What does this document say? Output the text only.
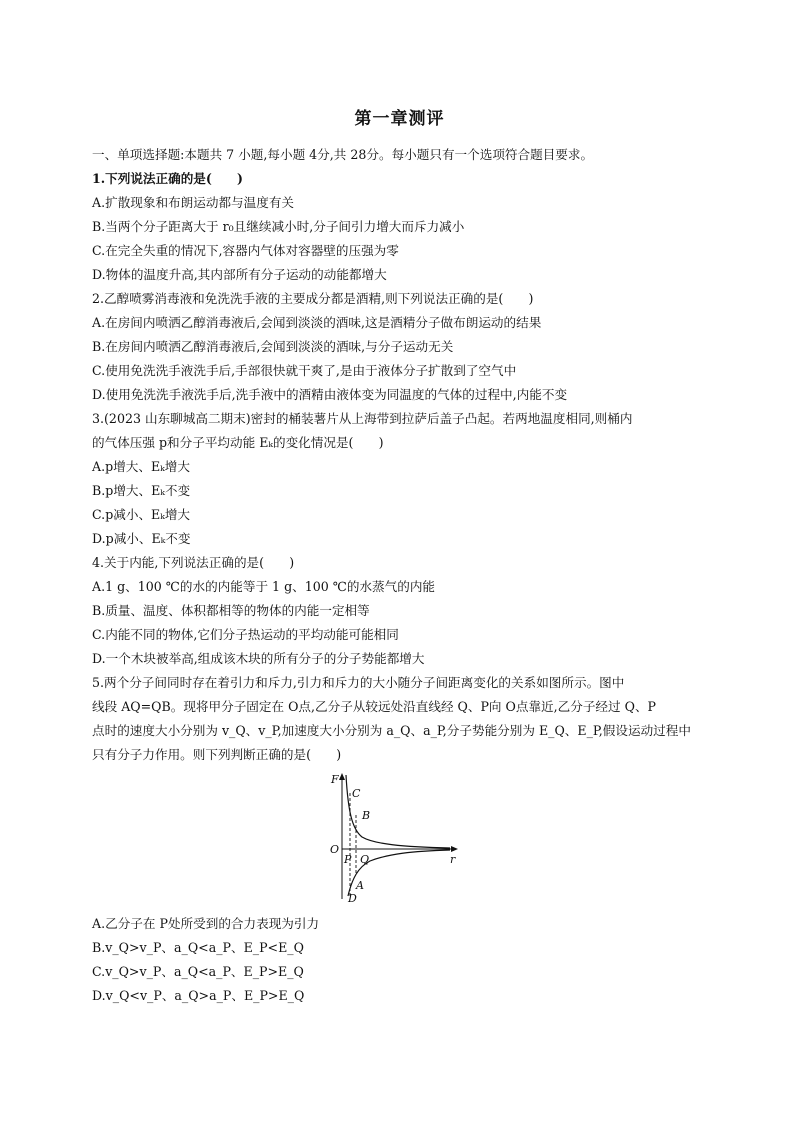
第一章测评
一、单项选择题:本题共 7 小题,每小题 4分,共 28分。每小题只有一个选项符合题目要求。
1.下列说法正确的是(　　)
A.扩散现象和布朗运动都与温度有关
B.当两个分子距离大于 r₀且继续减小时,分子间引力增大而斥力减小
C.在完全失重的情况下,容器内气体对容器壁的压强为零
D.物体的温度升高,其内部所有分子运动的动能都增大
2.乙醇喷雾消毒液和免洗洗手液的主要成分都是酒精,则下列说法正确的是(　　)
A.在房间内喷洒乙醇消毒液后,会闻到淡淡的酒味,这是酒精分子做布朗运动的结果
B.在房间内喷洒乙醇消毒液后,会闻到淡淡的酒味,与分子运动无关
C.使用免洗洗手液洗手后,手部很快就干爽了,是由于液体分子扩散到了空气中
D.使用免洗洗手液洗手后,洗手液中的酒精由液体变为同温度的气体的过程中,内能不变
3.(2023 山东聊城高二期末)密封的桶装薯片从上海带到拉萨后盖子凸起。若两地温度相同,则桶内
的气体压强 p和分子平均动能 Eₖ的变化情况是(　　)
A.p增大、Eₖ增大
B.p增大、Eₖ不变
C.p减小、Eₖ增大
D.p减小、Eₖ不变
4.关于内能,下列说法正确的是(　　)
A.1 g、100 ℃的水的内能等于 1 g、100 ℃的水蒸气的内能
B.质量、温度、体积都相等的物体的内能一定相等
C.内能不同的物体,它们分子热运动的平均动能可能相同
D.一个木块被举高,组成该木块的所有分子的分子势能都增大
5.两个分子间同时存在着引力和斥力,引力和斥力的大小随分子间距离变化的关系如图所示。图中
线段 AQ=QB。现将甲分子固定在 O点,乙分子从较远处沿直线经 Q、P向 O点靠近,乙分子经过 Q、P
点时的速度大小分别为 v_Q、v_P,加速度大小分别为 a_Q、a_P,分子势能分别为 E_Q、E_P,假设运动过程中
只有分子力作用。则下列判断正确的是(　　)
F
C
B
O
P Q	r
A
D
A.乙分子在 P处所受到的合力表现为引力
B.v_Q>v_P、a_Q<a_P、E_P<E_Q
C.v_Q>v_P、a_Q<a_P、E_P>E_Q
D.v_Q<v_P、a_Q>a_P、E_P>E_Q
